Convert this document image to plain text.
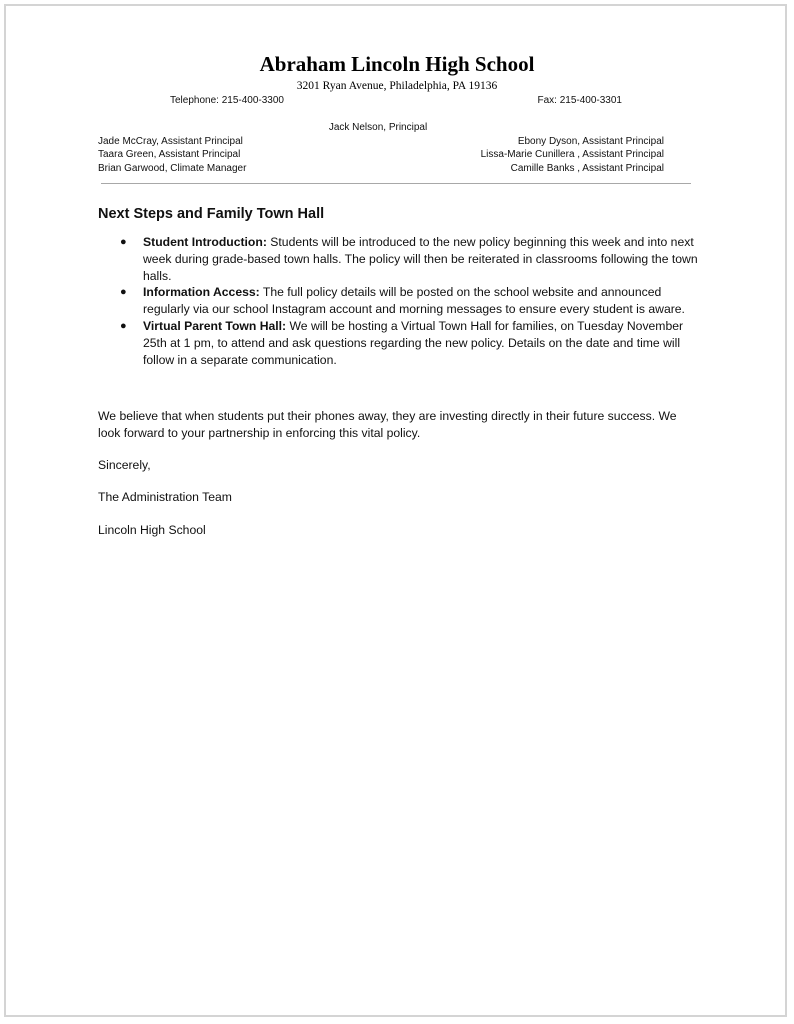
Abraham Lincoln High School
3201 Ryan Avenue, Philadelphia, PA 19136
Telephone: 215-400-3300	Fax: 215-400-3301
Jack Nelson, Principal
Jade McCray, Assistant Principal
Taara Green, Assistant Principal
Brian Garwood, Climate Manager
Ebony Dyson, Assistant Principal
Lissa-Marie Cunillera , Assistant Principal
Camille Banks , Assistant Principal
Next Steps and Family Town Hall
● Student Introduction: Students will be introduced to the new policy beginning this week and into next week during grade-based town halls. The policy will then be reiterated in classrooms following the town halls.
● Information Access: The full policy details will be posted on the school website and announced regularly via our school Instagram account and morning messages to ensure every student is aware.
● Virtual Parent Town Hall: We will be hosting a Virtual Town Hall for families, on Tuesday November 25th at 1 pm, to attend and ask questions regarding the new policy. Details on the date and time will follow in a separate communication.
We believe that when students put their phones away, they are investing directly in their future success. We look forward to your partnership in enforcing this vital policy.
Sincerely,
The Administration Team
Lincoln High School
